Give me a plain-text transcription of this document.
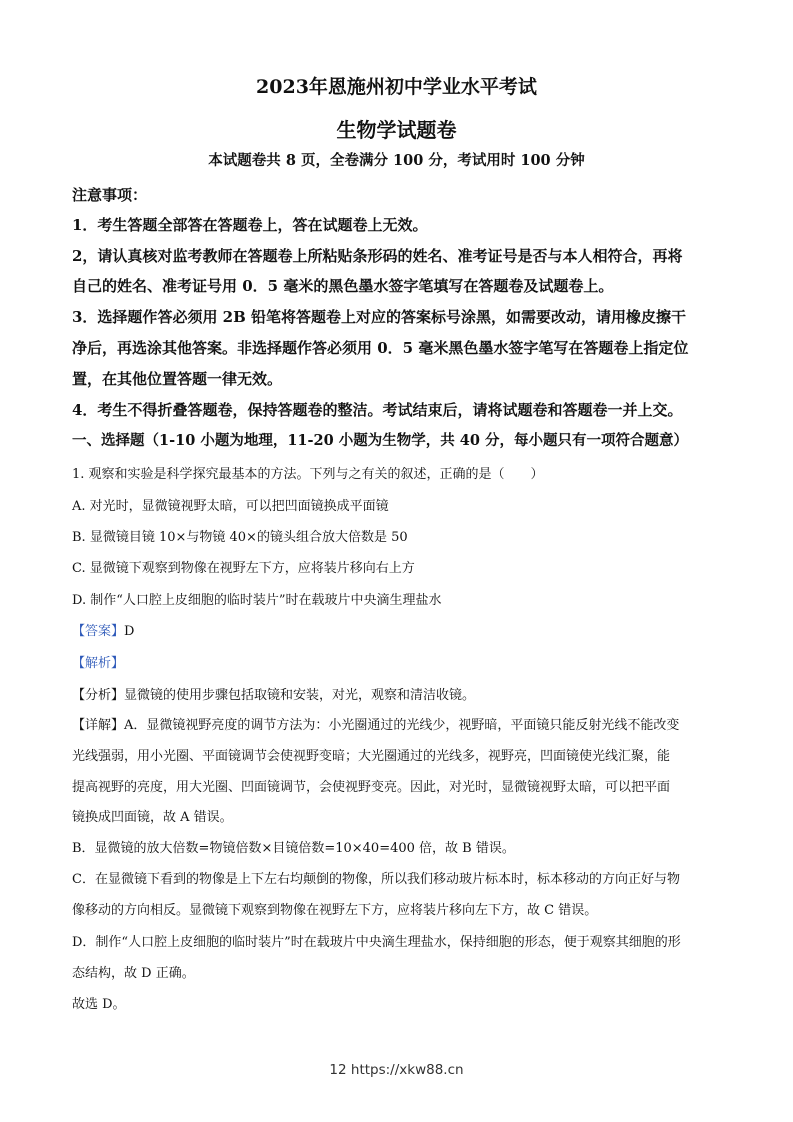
2023年恩施州初中学业水平考试
生物学试题卷
本试题卷共 8 页，全卷满分 100 分，考试用时 100 分钟
注意事项：
1．考生答题全部答在答题卷上，答在试题卷上无效。
2，请认真核对监考教师在答题卷上所粘贴条形码的姓名、准考证号是否与本人相符合，再将
自己的姓名、准考证号用 0．5 毫米的黑色墨水签字笔填写在答题卷及试题卷上。
3．选择题作答必须用 2B 铅笔将答题卷上对应的答案标号涂黑，如需要改动，请用橡皮擦干
净后，再选涂其他答案。非选择题作答必须用 0．5 毫米黑色墨水签字笔写在答题卷上指定位
置，在其他位置答题一律无效。
4．考生不得折叠答题卷，保持答题卷的整洁。考试结束后，请将试题卷和答题卷一并上交。
一、选择题（1-10 小题为地理，11-20 小题为生物学，共 40 分，每小题只有一项符合题意）
1. 观察和实验是科学探究最基本的方法。下列与之有关的叙述，正确的是（　　）
A. 对光时，显微镜视野太暗，可以把凹面镜换成平面镜
B. 显微镜目镜 10×与物镜 40×的镜头组合放大倍数是 50
C. 显微镜下观察到物像在视野左下方，应将装片移向右上方
D. 制作“人口腔上皮细胞的临时装片”时在载玻片中央滴生理盐水
【答案】D
【解析】
【分析】显微镜的使用步骤包括取镜和安装，对光，观察和清洁收镜。
【详解】A．显微镜视野亮度的调节方法为：小光圈通过的光线少，视野暗，平面镜只能反射光线不能改变
光线强弱，用小光圈、平面镜调节会使视野变暗；大光圈通过的光线多，视野亮，凹面镜使光线汇聚，能
提高视野的亮度，用大光圈、凹面镜调节，会使视野变亮。因此，对光时，显微镜视野太暗，可以把平面
镜换成凹面镜，故 A 错误。
B．显微镜的放大倍数=物镜倍数×目镜倍数=10×40=400 倍，故 B 错误。
C．在显微镜下看到的物像是上下左右均颠倒的物像，所以我们移动玻片标本时，标本移动的方向正好与物
像移动的方向相反。显微镜下观察到物像在视野左下方，应将装片移向左下方，故 C 错误。
D．制作“人口腔上皮细胞的临时装片”时在载玻片中央滴生理盐水，保持细胞的形态，便于观察其细胞的形
态结构，故 D 正确。
故选 D。
12 https://xkw88.cn
